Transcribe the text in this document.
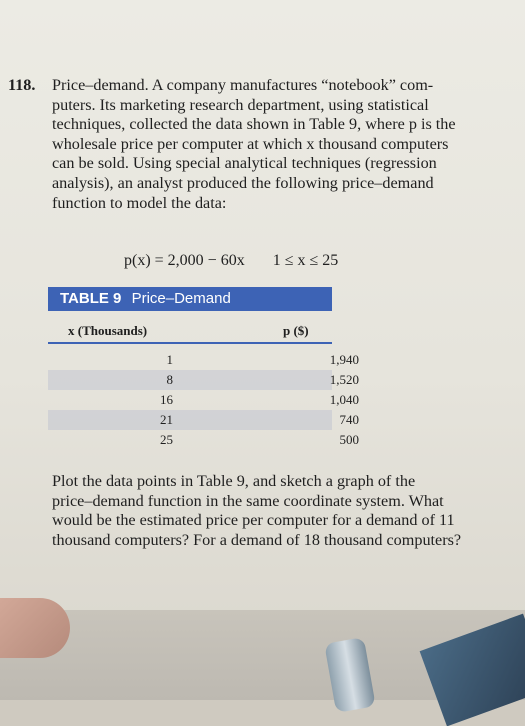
118. Price–demand. A company manufactures “notebook” com-
puters. Its marketing research department, using statistical
techniques, collected the data shown in Table 9, where p is the
wholesale price per computer at which x thousand computers
can be sold. Using special analytical techniques (regression
analysis), an analyst produced the following price–demand
function to model the data:
p(x) = 2,000 − 60x       1 ≤ x ≤ 25
TABLE 9 Price–Demand
x (Thousands)	p ($)
1	1,940
8	1,520
16	1,040
21	740
25	500
Plot the data points in Table 9, and sketch a graph of the
price–demand function in the same coordinate system. What
would be the estimated price per computer for a demand of 11
thousand computers? For a demand of 18 thousand computers?
